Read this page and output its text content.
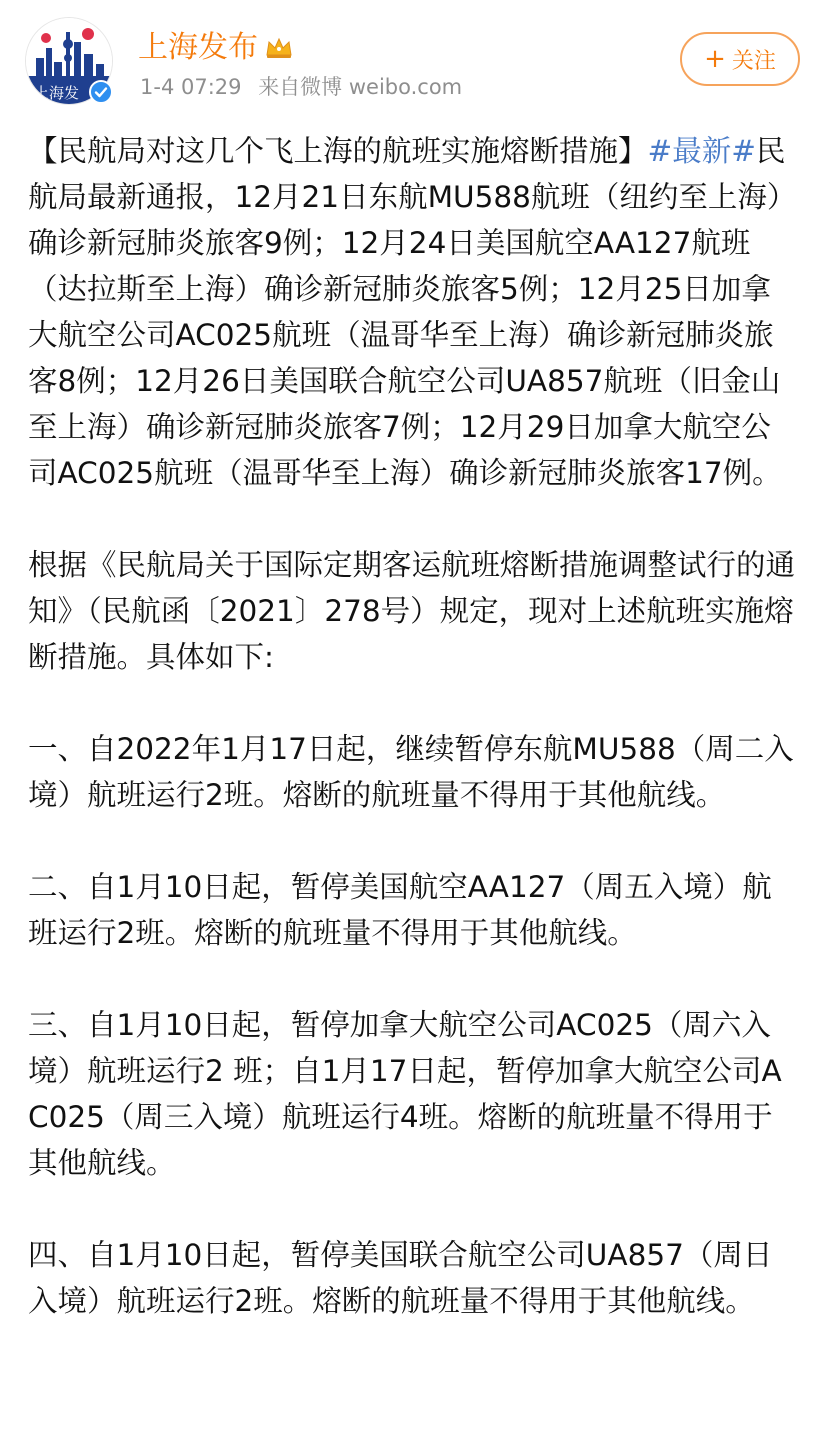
上海发
上海发布
1-4 07:29 来自微博 weibo.com
+ 关注

【民航局对这几个飞上海的航班实施熔断措施】#最新#民航局最新通报，12月21日东航MU588航班（纽约至上海）确诊新冠肺炎旅客9例；12月24日美国航空AA127航班（达拉斯至上海）确诊新冠肺炎旅客5例；12月25日加拿大航空公司AC025航班（温哥华至上海）确诊新冠肺炎旅客8例；12月26日美国联合航空公司UA857航班（旧金山至上海）确诊新冠肺炎旅客7例；12月29日加拿大航空公司AC025航班（温哥华至上海）确诊新冠肺炎旅客17例。

根据《民航局关于国际定期客运航班熔断措施调整试行的通知》（民航函〔2021〕278号）规定，现对上述航班实施熔断措施。具体如下:

一、自2022年1月17日起，继续暂停东航MU588（周二入境）航班运行2班。熔断的航班量不得用于其他航线。

二、自1月10日起，暂停美国航空AA127（周五入境）航班运行2班。熔断的航班量不得用于其他航线。

三、自1月10日起，暂停加拿大航空公司AC025（周六入境）航班运行2 班；自1月17日起，暂停加拿大航空公司AC025（周三入境）航班运行4班。熔断的航班量不得用于其他航线。

四、自1月10日起，暂停美国联合航空公司UA857（周日入境）航班运行2班。熔断的航班量不得用于其他航线。
